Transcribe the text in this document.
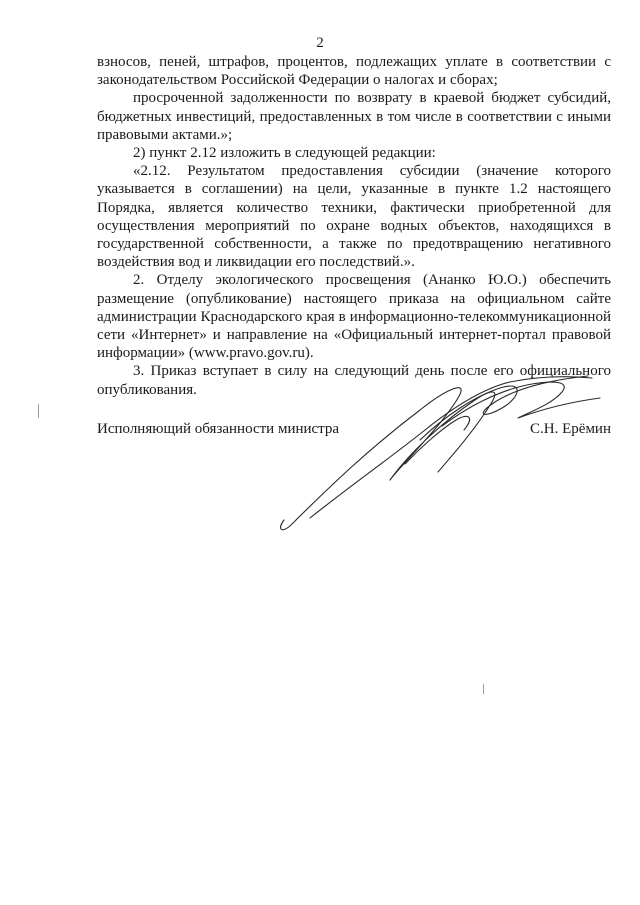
2

взносов, пеней, штрафов, процентов, подлежащих уплате в соответствии с законодательством Российской Федерации о налогах и сборах;

просроченной задолженности по возврату в краевой бюджет субсидий, бюджетных инвестиций, предоставленных в том числе в соответствии с иными правовыми актами.»;

2) пункт 2.12 изложить в следующей редакции:

«2.12. Результатом предоставления субсидии (значение которого указывается в соглашении) на цели, указанные в пункте 1.2 настоящего Порядка, является количество техники, фактически приобретенной для осуществления мероприятий по охране водных объектов, находящихся в государственной собственности, а также по предотвращению негативного воздействия вод и ликвидации его последствий.».

2. Отделу экологического просвещения (Ананко Ю.О.) обеспечить размещение (опубликование) настоящего приказа на официальном сайте администрации Краснодарского края в информационно-телекоммуникационной сети «Интернет» и направление на «Официальный интернет-портал правовой информации» (www.pravo.gov.ru).

3. Приказ вступает в силу на следующий день после его официального опубликования.

Исполняющий обязанности министра	С.Н. Ерёмин
